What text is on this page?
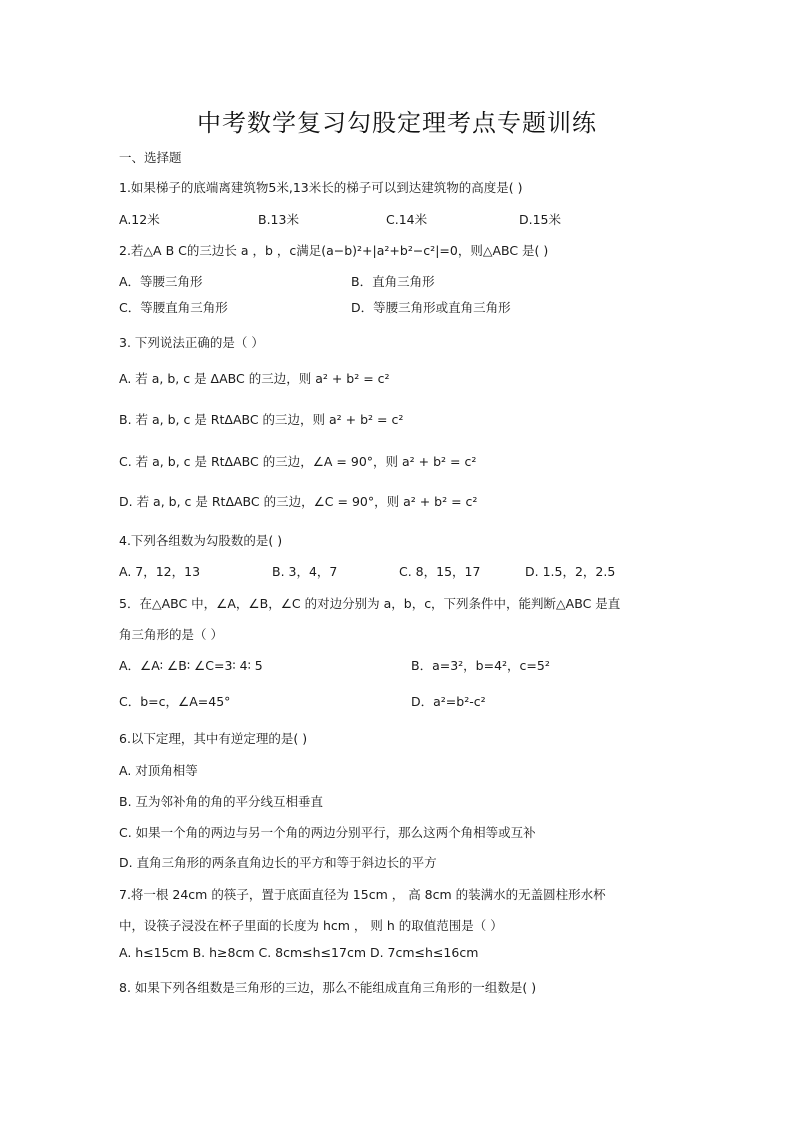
中考数学复习勾股定理考点专题训练
一、选择题
1.如果梯子的底端离建筑物5米,13米长的梯子可以到达建筑物的高度是( )
A.12米	B.13米	C.14米	D.15米
2.若△A B C的三边长 a ，b ，c满足(a−b)²+|a²+b²−c²|=0，则△ABC 是( )
A．等腰三角形	B．直角三角形
C．等腰直角三角形	D．等腰三角形或直角三角形
3. 下列说法正确的是（ ）
A. 若 a, b, c 是 ΔABC 的三边，则 a² + b² = c²
B. 若 a, b, c 是 RtΔABC 的三边，则 a² + b² = c²
C. 若 a, b, c 是 RtΔABC 的三边，∠A = 90°，则 a² + b² = c²
D. 若 a, b, c 是 RtΔABC 的三边，∠C = 90°，则 a² + b² = c²
4.下列各组数为勾股数的是( )
A. 7，12，13	B. 3，4，7	C. 8，15，17	D. 1.5，2，2.5
5．在△ABC 中，∠A，∠B，∠C 的对边分别为 a，b，c，下列条件中，能判断△ABC 是直
角三角形的是（ ）
A．∠A∶ ∠B∶ ∠C=3∶ 4∶ 5	B．a=3²，b=4²，c=5²
C．b=c，∠A=45°	D．a²=b²-c²
6.以下定理，其中有逆定理的是( )
A. 对顶角相等
B. 互为邻补角的角的平分线互相垂直
C. 如果一个角的两边与另一个角的两边分别平行，那么这两个角相等或互补
D. 直角三角形的两条直角边长的平方和等于斜边长的平方
7.将一根 24cm 的筷子，置于底面直径为 15cm ， 高 8cm 的装满水的无盖圆柱形水杯
中，设筷子浸没在杯子里面的长度为 hcm ， 则 h 的取值范围是（ ）
A. h≤15cm B. h≥8cm C. 8cm≤h≤17cm D. 7cm≤h≤16cm
8. 如果下列各组数是三角形的三边，那么不能组成直角三角形的一组数是( )
